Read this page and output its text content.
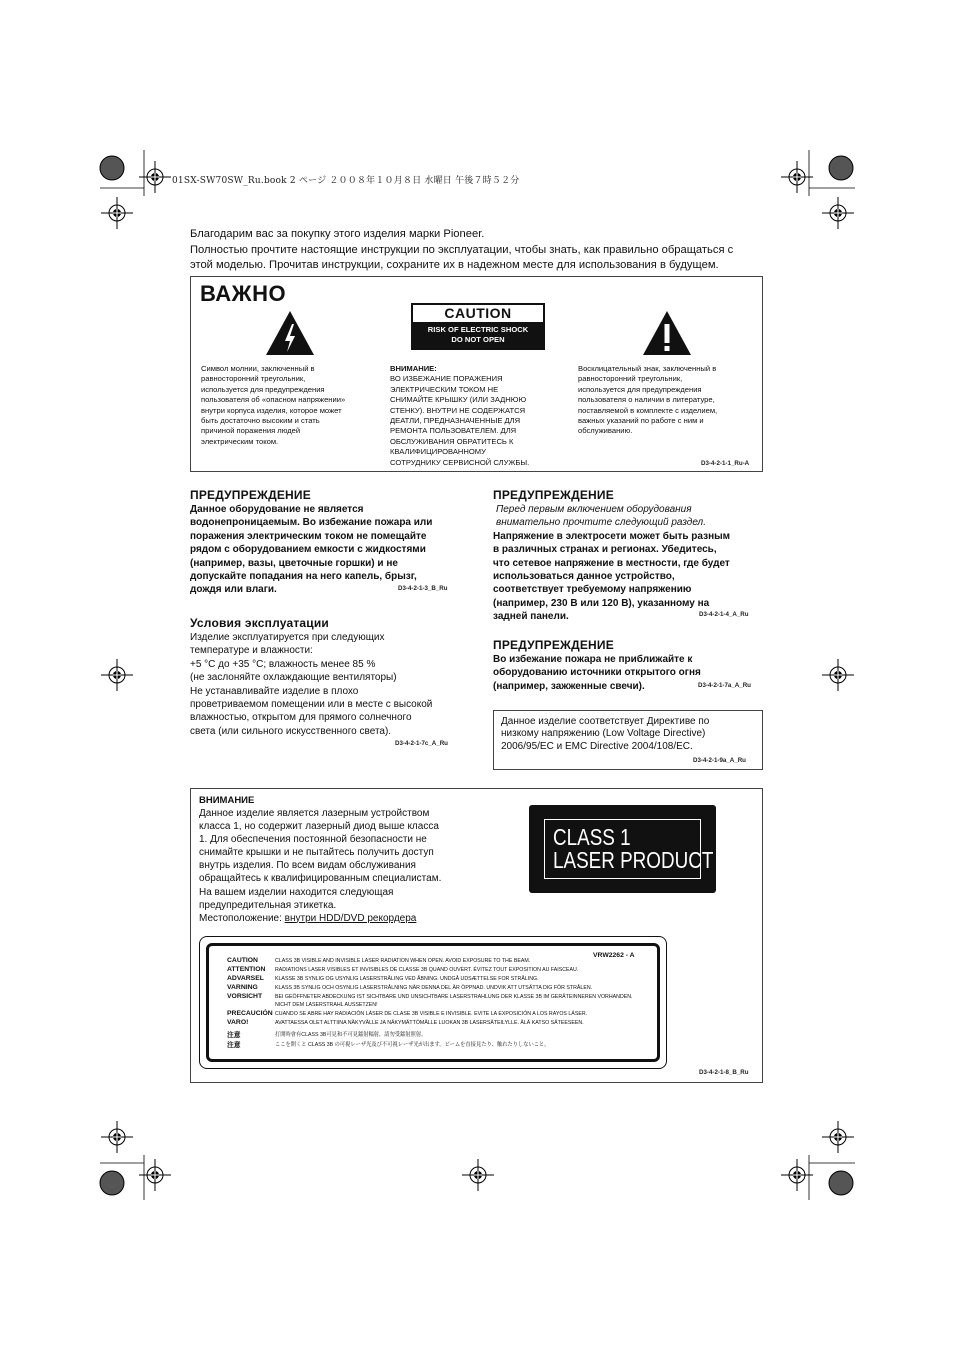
01SX-SW70SW_Ru.book 2 ページ ２００８年１０月８日 水曜日 午後７時５２分
Благодарим вас за покупку этого изделия марки Pioneer.
Полностью прочтите настоящие инструкции по эксплуатации, чтобы знать, как правильно обращаться с
этой моделью. Прочитав инструкции, сохраните их в надежном месте для использования в будущем.
ВАЖНО
CAUTION
RISK OF ELECTRIC SHOCK
DO NOT OPEN
Символ молнии, заключенный в
равносторонний треугольник,
используется для предупреждения
пользователя об «опасном напряжении»
внутри корпуса изделия, которое может
быть достаточно высоким и стать
причиной поражения людей
электрическим током.
ВНИМАНИЕ:
ВО ИЗБЕЖАНИЕ ПОРАЖЕНИЯ
ЭЛЕКТРИЧЕСКИМ ТОКОМ НЕ
СНИМАЙТЕ КРЫШКУ (ИЛИ ЗАДНЮЮ
СТЕНКУ). ВНУТРИ НЕ СОДЕРЖАТСЯ
ДЕАТЛИ, ПРЕДНАЗНАЧЕННЫЕ ДЛЯ
РЕМОНТА ПОЛЬЗОВАТЕЛЕМ. ДЛЯ
ОБСЛУЖИВАНИЯ ОБРАТИТЕСЬ К
КВАЛИФИЦИРОВАННОМУ
СОТРУДНИКУ СЕРВИСНОЙ СЛУЖБЫ.
Восклицательный знак, заключенный в
равносторонний треугольник,
используется для предупреждения
пользователя о наличии в литературе,
поставляемой в комплекте с изделием,
важных указаний по работе с ним и
обслуживанию.
D3-4-2-1-1_Ru-A
ПРЕДУПРЕЖДЕНИЕ
Данное оборудование не является
водонепроницаемым. Во избежание пожара или
поражения электрическим током не помещайте
рядом с оборудованием емкости с жидкостями
(например, вазы, цветочные горшки) и не
допускайте попадания на него капель, брызг,
дождя или влаги.	D3-4-2-1-3_B_Ru
Условия эксплуатации
Изделие эксплуатируется при следующих
температуре и влажности:
+5 °C до +35 °C; влажность менее 85 %
(не заслоняйте охлаждающие вентиляторы)
Не устанавливайте изделие в плохо
проветриваемом помещении или в месте с высокой
влажностью, открытом для прямого солнечного
света (или сильного искусственного света).
D3-4-2-1-7c_A_Ru
ПРЕДУПРЕЖДЕНИЕ
Перед первым включением оборудования
внимательно прочтите следующий раздел.
Напряжение в электросети может быть разным
в различных странах и регионах. Убедитесь,
что сетевое напряжение в местности, где будет
использоваться данное устройство,
соответствует требуемому напряжению
(например, 230 В или 120 В), указанному на
задней панели.	D3-4-2-1-4_A_Ru
ПРЕДУПРЕЖДЕНИЕ
Во избежание пожара не приближайте к
оборудованию источники открытого огня
(например, зажженные свечи).	D3-4-2-1-7a_A_Ru
Данное изделие соответствует Директиве по
низкому напряжению (Low Voltage Directive)
2006/95/EC и EMC Directive 2004/108/EC.
D3-4-2-1-9a_A_Ru
ВНИМАНИЕ
Данное изделие является лазерным устройством
класса 1, но содержит лазерный диод выше класса
1. Для обеспечения постоянной безопасности не
снимайте крышки и не пытайтесь получить доступ
внутрь изделия. По всем видам обслуживания
обращайтесь к квалифицированным специалистам.
На вашем изделии находится следующая
предупредительная этикетка.
Местоположение: внутри HDD/DVD рекордера
D3-4-2-1-8_B_Ru
CLASS 1
LASER PRODUCT
VRW2262 - A
CAUTION	CLASS 3B VISIBLE AND INVISIBLE LASER RADIATION WHEN OPEN. AVOID EXPOSURE TO THE BEAM.
ATTENTION RADIATIONS LASER VISIBLES ET INVISIBLES DE CLASSE 3B QUAND OUVERT. ÉVITEZ TOUT EXPOSITION AU FAISCEAU.
ADVARSEL KLASSE 3B SYNLIG OG USYNLIG LASERSTRÅLING VED ÅBNING. UNDGÅ UDSÆTTELSE FOR STRÅLING.
VARNING	KLASS 3B SYNLIG OCH OSYNLIG LASERSTRÅLNING NÄR DENNA DEL ÄR ÖPPNAD. UNDVIK ATT UTSÄTTA DIG FÖR STRÅLEN.
VORSICHT BEI GEÖFFNETER ABDECKUNG IST SICHTBARE UND UNSICHTBARE LASERSTRAHLUNG DER KLASSE 3B IM GERÄTEINNEREN VORHANDEN.
NICHT DEM LASERSTRAHL AUSSETZEN!
PRECAUCIÓN CUANDO SE ABRE HAY RADIACIÓN LÁSER DE CLASE 3B VISIBLE E INVISIBLE. EVITE LA EXPOSICIÓN A LOS RAYOS LÁSER.
VARO!	AVATTAESSA OLET ALTTIINA NÄKYVÄLLE JA NÄKYMÄTTÖMÄLLE LUOKAN 3B LASERSÄTEILYLLE. ÄLÄ KATSO SÄTEESEEN.
注意	打開時會有CLASS 3B可見和不可見鐳射輻射，請勿受鐳射照射。
注意	ここを開くと CLASS 3B の可視レーザ光及び不可視レーザ光が出ます。ビームを直接見たり、触れたりしないこと。
